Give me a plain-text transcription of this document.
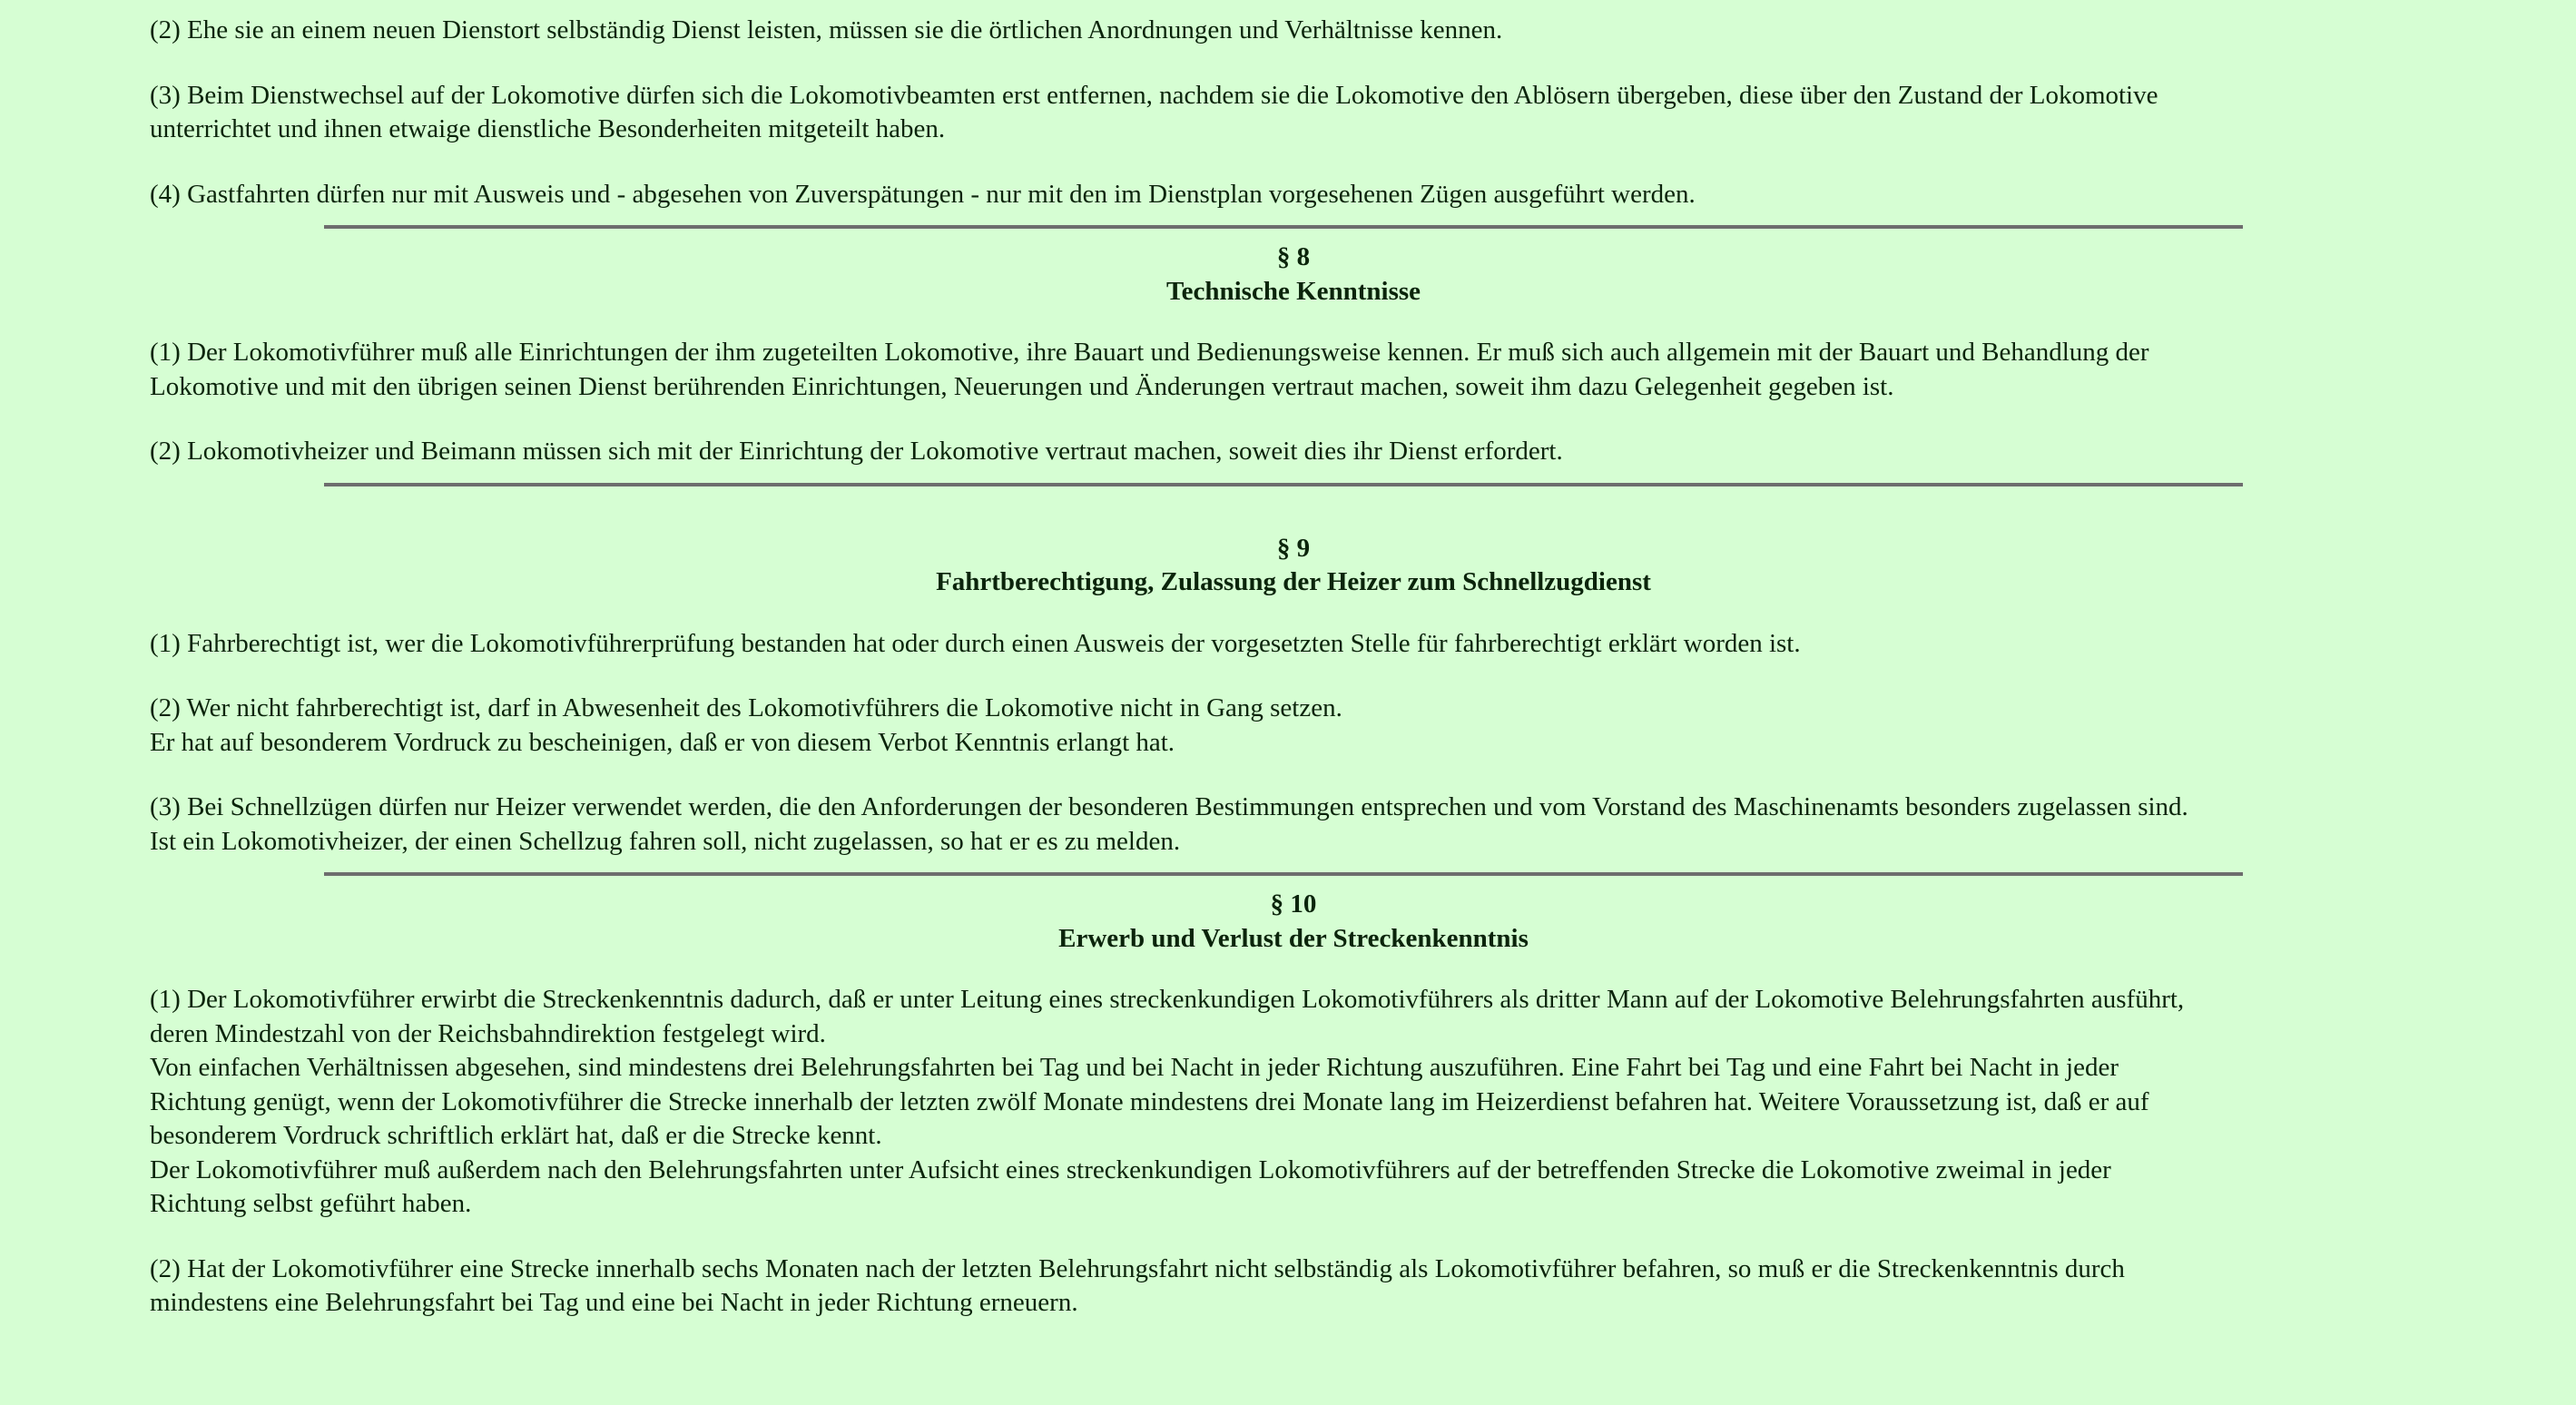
(2) Ehe sie an einem neuen Dienstort selbständig Dienst leisten, müssen sie die örtlichen Anordnungen und Verhältnisse kennen.

(3) Beim Dienstwechsel auf der Lokomotive dürfen sich die Lokomotivbeamten erst entfernen, nachdem sie die Lokomotive den Ablösern übergeben, diese über den Zustand der Lokomotive
unterrichtet und ihnen etwaige dienstliche Besonderheiten mitgeteilt haben.

(4) Gastfahrten dürfen nur mit Ausweis und - abgesehen von Zuverspätungen - nur mit den im Dienstplan vorgesehenen Zügen ausgeführt werden.

§ 8
Technische Kenntnisse

(1) Der Lokomotivführer muß alle Einrichtungen der ihm zugeteilten Lokomotive, ihre Bauart und Bedienungsweise kennen. Er muß sich auch allgemein mit der Bauart und Behandlung der
Lokomotive und mit den übrigen seinen Dienst berührenden Einrichtungen, Neuerungen und Änderungen vertraut machen, soweit ihm dazu Gelegenheit gegeben ist.

(2) Lokomotivheizer und Beimann müssen sich mit der Einrichtung der Lokomotive vertraut machen, soweit dies ihr Dienst erfordert.

§ 9
Fahrtberechtigung, Zulassung der Heizer zum Schnellzugdienst

(1) Fahrberechtigt ist, wer die Lokomotivführerprüfung bestanden hat oder durch einen Ausweis der vorgesetzten Stelle für fahrberechtigt erklärt worden ist.

(2) Wer nicht fahrberechtigt ist, darf in Abwesenheit des Lokomotivführers die Lokomotive nicht in Gang setzen.
Er hat auf besonderem Vordruck zu bescheinigen, daß er von diesem Verbot Kenntnis erlangt hat.

(3) Bei Schnellzügen dürfen nur Heizer verwendet werden, die den Anforderungen der besonderen Bestimmungen entsprechen und vom Vorstand des Maschinenamts besonders zugelassen sind.
Ist ein Lokomotivheizer, der einen Schellzug fahren soll, nicht zugelassen, so hat er es zu melden.

§ 10
Erwerb und Verlust der Streckenkenntnis

(1) Der Lokomotivführer erwirbt die Streckenkenntnis dadurch, daß er unter Leitung eines streckenkundigen Lokomotivführers als dritter Mann auf der Lokomotive Belehrungsfahrten ausführt,
deren Mindestzahl von der Reichsbahndirektion festgelegt wird.
Von einfachen Verhältnissen abgesehen, sind mindestens drei Belehrungsfahrten bei Tag und bei Nacht in jeder Richtung auszuführen. Eine Fahrt bei Tag und eine Fahrt bei Nacht in jeder
Richtung genügt, wenn der Lokomotivführer die Strecke innerhalb der letzten zwölf Monate mindestens drei Monate lang im Heizerdienst befahren hat. Weitere Voraussetzung ist, daß er auf
besonderem Vordruck schriftlich erklärt hat, daß er die Strecke kennt.
Der Lokomotivführer muß außerdem nach den Belehrungsfahrten unter Aufsicht eines streckenkundigen Lokomotivführers auf der betreffenden Strecke die Lokomotive zweimal in jeder
Richtung selbst geführt haben.

(2) Hat der Lokomotivführer eine Strecke innerhalb sechs Monaten nach der letzten Belehrungsfahrt nicht selbständig als Lokomotivführer befahren, so muß er die Streckenkenntnis durch
mindestens eine Belehrungsfahrt bei Tag und eine bei Nacht in jeder Richtung erneuern.
